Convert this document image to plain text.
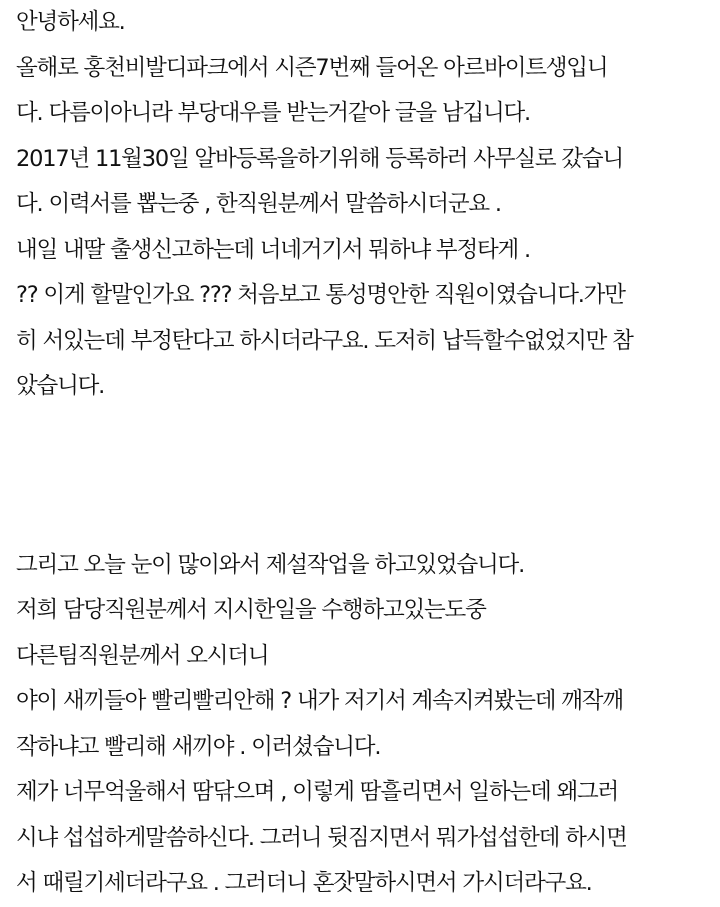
안녕하세요.
올해로 홍천비발디파크에서 시즌7번째 들어온 아르바이트생입니
다. 다름이아니라 부당대우를 받는거같아 글을 남깁니다.
2017년 11월30일 알바등록을하기위해 등록하러 사무실로 갔습니
다. 이력서를 뽑는중 , 한직원분께서 말씀하시더군요 .
내일 내딸 출생신고하는데 너네거기서 뭐하냐 부정타게 .
?? 이게 할말인가요 ??? 처음보고 통성명안한 직원이였습니다.가만
히 서있는데 부정탄다고 하시더라구요. 도저히 납득할수없었지만 참
았습니다.
그리고 오늘 눈이 많이와서 제설작업을 하고있었습니다.
저희 담당직원분께서 지시한일을 수행하고있는도중
다른팀직원분께서 오시더니
야이 새끼들아 빨리빨리안해 ? 내가 저기서 계속지켜봤는데 깨작깨
작하냐고 빨리해 새끼야 . 이러셨습니다.
제가 너무억울해서 땀닦으며 , 이렇게 땀흘리면서 일하는데 왜그러
시냐 섭섭하게말씀하신다. 그러니 뒷짐지면서 뭐가섭섭한데 하시면
서 때릴기세더라구요 . 그러더니 혼잣말하시면서 가시더라구요.
